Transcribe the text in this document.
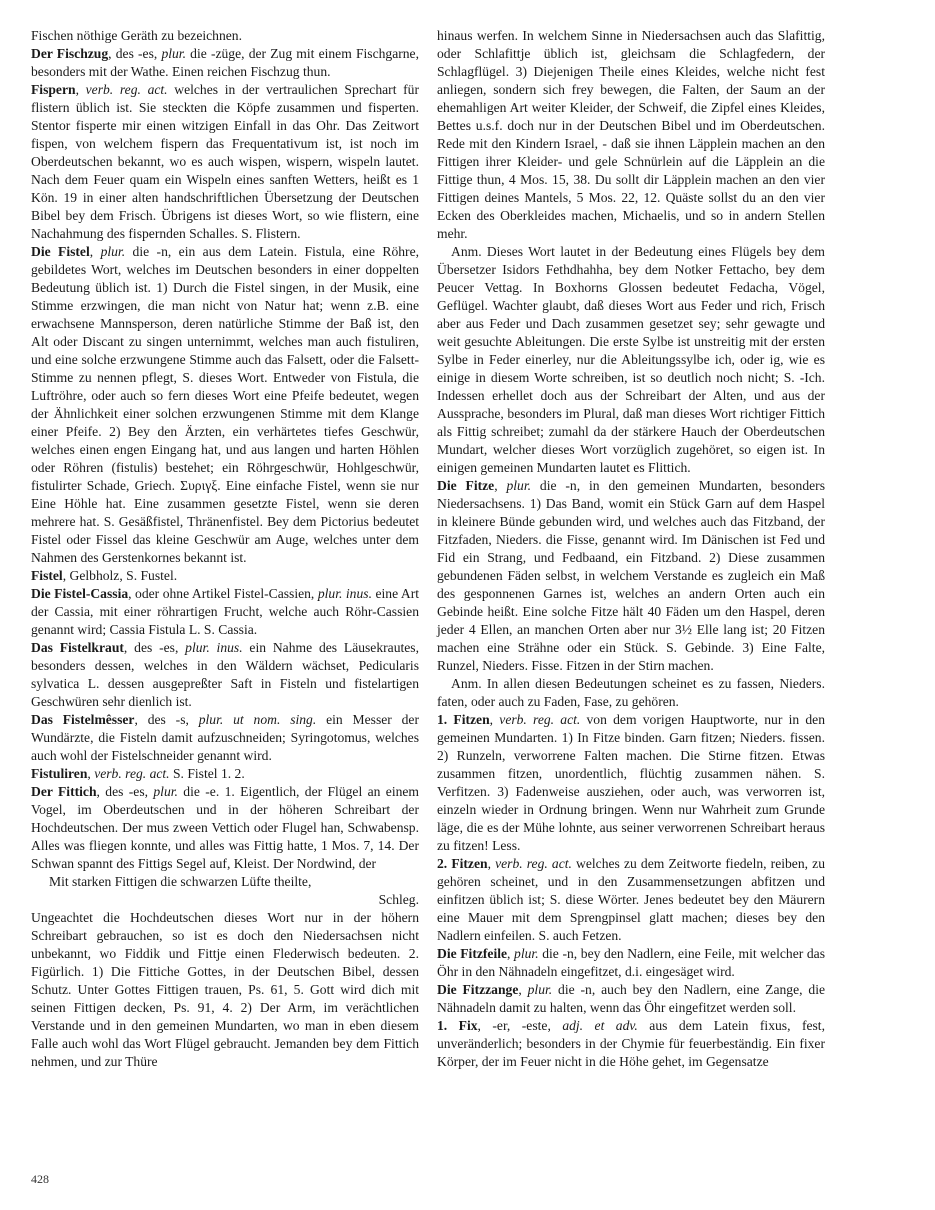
Fischen nöthige Geräth zu bezeichnen.

Der Fischzug, des -es, plur. die -züge, der Zug mit einem Fischgarne, besonders mit der Wathe. Einen reichen Fischzug thun.

Fispern, verb. reg. act. welches in der vertraulichen Sprechart für flistern üblich ist. Sie steckten die Köpfe zusammen und fisperten. Stentor fisperte mir einen witzigen Einfall in das Ohr. Das Zeitwort fispen, von welchem fispern das Frequentativum ist, ist noch im Oberdeutschen bekannt, wo es auch wispen, wispern, wispeln lautet. Nach dem Feuer quam ein Wispeln eines sanften Wetters, heißt es 1 Kön. 19 in einer alten handschriftlichen Übersetzung der Deutschen Bibel bey dem Frisch. Übrigens ist dieses Wort, so wie flistern, eine Nachahmung des fispernden Schalles. S. Flistern.

Die Fistel, plur. die -n, ein aus dem Latein. Fistula, eine Röhre, gebildetes Wort, welches im Deutschen besonders in einer doppelten Bedeutung üblich ist. 1) Durch die Fistel singen, in der Musik, eine Stimme erzwingen, die man nicht von Natur hat; wenn z.B. eine erwachsene Mannsperson, deren natürliche Stimme der Baß ist, den Alt oder Discant zu singen unternimmt, welches man auch fistuliren, und eine solche erzwungene Stimme auch das Falsett, oder die Falsett-Stimme zu nennen pflegt, S. dieses Wort. Entweder von Fistula, die Luftröhre, oder auch so fern dieses Wort eine Pfeife bedeutet, wegen der Ähnlichkeit einer solchen erzwungenen Stimme mit dem Klange einer Pfeife. 2) Bey den Ärzten, ein verhärtetes tiefes Geschwür, welches einen engen Eingang hat, und aus langen und harten Höhlen oder Röhren (fistulis) bestehet; ein Röhrgeschwür, Hohlgeschwür, fistulirter Schade, Griech. Συριγξ. Eine einfache Fistel, wenn sie nur Eine Höhle hat. Eine zusammen gesetzte Fistel, wenn sie deren mehrere hat. S. Gesäßfistel, Thränenfistel. Bey dem Pictorius bedeutet Fistel oder Fissel das kleine Geschwür am Auge, welches unter dem Nahmen des Gerstenkornes bekannt ist.

Fistel, Gelbholz, S. Fustel.

Die Fistel-Cassia, oder ohne Artikel Fistel-Cassien, plur. inus. eine Art der Cassia, mit einer röhrartigen Frucht, welche auch Röhr-Cassien genannt wird; Cassia Fistula L. S. Cassia.

Das Fistelkraut, des -es, plur. inus. ein Nahme des Läusekrautes, besonders dessen, welches in den Wäldern wächset, Pedicularis sylvatica L. dessen ausgepreßter Saft in Fisteln und fistelartigen Geschwüren sehr dienlich ist.

Das Fistelmêsser, des -s, plur. ut nom. sing. ein Messer der Wundärzte, die Fisteln damit aufzuschneiden; Syringotomus, welches auch wohl der Fistelschneider genannt wird.

Fistuliren, verb. reg. act. S. Fistel 1. 2.

Der Fittich, des -es, plur. die -e. 1. Eigentlich, der Flügel an einem Vogel, im Oberdeutschen und in der höheren Schreibart der Hochdeutschen. Der mus zween Vettich oder Flugel han, Schwabensp. Alles was fliegen konnte, und alles was Fittig hatte, 1 Mos. 7, 14. Der Schwan spannt des Fittigs Segel auf, Kleist. Der Nordwind, der

Mit starken Fittigen die schwarzen Lüfte theilte,

Schleg.

Ungeachtet die Hochdeutschen dieses Wort nur in der höhern Schreibart gebrauchen, so ist es doch den Niedersachsen nicht unbekannt, wo Fiddik und Fittje einen Flederwisch bedeuten. 2. Figürlich. 1) Die Fittiche Gottes, in der Deutschen Bibel, dessen Schutz. Unter Gottes Fittigen trauen, Ps. 61, 5. Gott wird dich mit seinen Fittigen decken, Ps. 91, 4. 2) Der Arm, im verächtlichen Verstande und in den gemeinen Mundarten, wo man in eben diesem Falle auch wohl das Wort Flügel gebraucht. Jemanden bey dem Fittich nehmen, und zur Thüre

hinaus werfen. In welchem Sinne in Niedersachsen auch das Slafittig, oder Schlafittje üblich ist, gleichsam die Schlagfedern, der Schlagflügel. 3) Diejenigen Theile eines Kleides, welche nicht fest anliegen, sondern sich frey bewegen, die Falten, der Saum an der ehemahligen Art weiter Kleider, der Schweif, die Zipfel eines Kleides, Bettes u.s.f. doch nur in der Deutschen Bibel und im Oberdeutschen. Rede mit den Kindern Israel, - daß sie ihnen Läpplein machen an den Fittigen ihrer Kleider- und gele Schnürlein auf die Läpplein an die Fittige thun, 4 Mos. 15, 38. Du sollt dir Läpplein machen an den vier Fittigen deines Mantels, 5 Mos. 22, 12. Quäste sollst du an den vier Ecken des Oberkleides machen, Michaelis, und so in andern Stellen mehr.

Anm. Dieses Wort lautet in der Bedeutung eines Flügels bey dem Übersetzer Isidors Fethdhahha, bey dem Notker Fettacho, bey dem Peucer Vettag. In Boxhorns Glossen bedeutet Fedacha, Vögel, Geflügel. Wachter glaubt, daß dieses Wort aus Feder und rich, Frisch aber aus Feder und Dach zusammen gesetzet sey; sehr gewagte und weit gesuchte Ableitungen. Die erste Sylbe ist unstreitig mit der ersten Sylbe in Feder einerley, nur die Ableitungssylbe ich, oder ig, wie es einige in diesem Worte schreiben, ist so deutlich noch nicht; S. -Ich. Indessen erhellet doch aus der Schreibart der Alten, und aus der Aussprache, besonders im Plural, daß man dieses Wort richtiger Fittich als Fittig schreibet; zumahl da der stärkere Hauch der Oberdeutschen Mundart, welcher dieses Wort vorzüglich zugehöret, so eigen ist. In einigen gemeinen Mundarten lautet es Flittich.

Die Fitze, plur. die -n, in den gemeinen Mundarten, besonders Niedersachsens. 1) Das Band, womit ein Stück Garn auf dem Haspel in kleinere Bünde gebunden wird, und welches auch das Fitzband, der Fitzfaden, Nieders. die Fisse, genannt wird. Im Dänischen ist Fed und Fid ein Strang, und Fedbaand, ein Fitzband. 2) Diese zusammen gebundenen Fäden selbst, in welchem Verstande es zugleich ein Maß des gesponnenen Garnes ist, welches an andern Orten auch ein Gebinde heißt. Eine solche Fitze hält 40 Fäden um den Haspel, deren jeder 4 Ellen, an manchen Orten aber nur 3½ Elle lang ist; 20 Fitzen machen eine Strähne oder ein Stück. S. Gebinde. 3) Eine Falte, Runzel, Nieders. Fisse. Fitzen in der Stirn machen.

Anm. In allen diesen Bedeutungen scheinet es zu fassen, Nieders. faten, oder auch zu Faden, Fase, zu gehören.

1. Fitzen, verb. reg. act. von dem vorigen Hauptworte, nur in den gemeinen Mundarten. 1) In Fitze binden. Garn fitzen; Nieders. fissen. 2) Runzeln, verworrene Falten machen. Die Stirne fitzen. Etwas zusammen fitzen, unordentlich, flüchtig zusammen nähen. S. Verfitzen. 3) Fadenweise ausziehen, oder auch, was verworren ist, einzeln wieder in Ordnung bringen. Wenn nur Wahrheit zum Grunde läge, die es der Mühe lohnte, aus seiner verworrenen Schreibart heraus zu fitzen! Less.

2. Fitzen, verb. reg. act. welches zu dem Zeitworte fiedeln, reiben, zu gehören scheinet, und in den Zusammensetzungen abfitzen und einfitzen üblich ist; S. diese Wörter. Jenes bedeutet bey den Mäurern eine Mauer mit dem Sprengpinsel glatt machen; dieses bey den Nadlern einfeilen. S. auch Fetzen.

Die Fitzfeile, plur. die -n, bey den Nadlern, eine Feile, mit welcher das Öhr in den Nähnadeln eingefitzet, d.i. eingesäget wird.

Die Fitzzange, plur. die -n, auch bey den Nadlern, eine Zange, die Nähnadeln damit zu halten, wenn das Öhr eingefitzet werden soll.

1. Fix, -er, -este, adj. et adv. aus dem Latein fixus, fest, unveränderlich; besonders in der Chymie für feuerbeständig. Ein fixer Körper, der im Feuer nicht in die Höhe gehet, im Gegensatze

428
